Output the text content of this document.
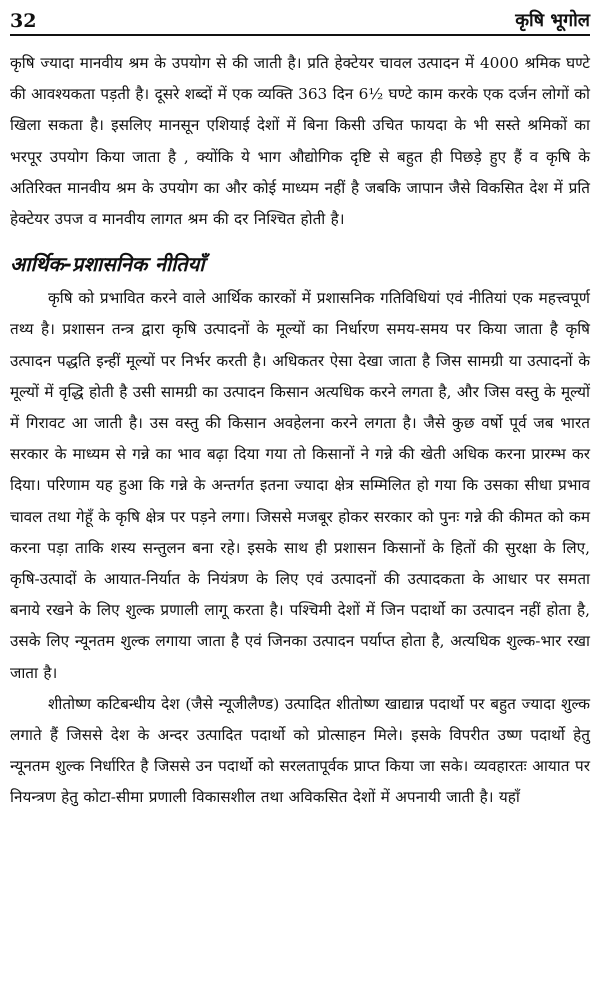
32	कृषि भूगोल

कृषि ज्यादा मानवीय श्रम के उपयोग से की जाती है। प्रति हेक्टेयर चावल उत्पादन में 4000 श्रमिक घण्टे की आवश्यकता पड़ती है। दूसरे शब्दों में एक व्यक्ति 363 दिन 6½ घण्टे काम करके एक दर्जन लोगों को खिला सकता है। इसलिए मानसून एशियाई देशों में बिना किसी उचित फायदा के भी सस्ते श्रमिकों का भरपूर उपयोग किया जाता है , क्योंकि ये भाग औद्योगिक दृष्टि से बहुत ही पिछड़े हुए हैं व कृषि के अतिरिक्त मानवीय श्रम के उपयोग का और कोई माध्यम नहीं है जबकि जापान जैसे विकसित देश में प्रति हेक्टेयर उपज व मानवीय लागत श्रम की दर निश्चित होती है।

आर्थिक-प्रशासनिक नीतियाँ

कृषि को प्रभावित करने वाले आर्थिक कारकों में प्रशासनिक गतिविधियां एवं नीतियां एक महत्त्वपूर्ण तथ्य है। प्रशासन तन्त्र द्वारा कृषि उत्पादनों के मूल्यों का निर्धारण समय-समय पर किया जाता है कृषि उत्पादन पद्धति इन्हीं मूल्यों पर निर्भर करती है। अधिकतर ऐसा देखा जाता है जिस सामग्री या उत्पादनों के मूल्यों में वृद्धि होती है उसी सामग्री का उत्पादन किसान अत्यधिक करने लगता है, और जिस वस्तु के मूल्यों में गिरावट आ जाती है। उस वस्तु की किसान अवहेलना करने लगता है। जैसे कुछ वर्षो पूर्व जब भारत सरकार के माध्यम से गन्ने का भाव बढ़ा दिया गया तो किसानों ने गन्ने की खेती अधिक करना प्रारम्भ कर दिया। परिणाम यह हुआ कि गन्ने के अन्तर्गत इतना ज्यादा क्षेत्र सम्मिलित हो गया कि उसका सीधा प्रभाव चावल तथा गेहूँ के कृषि क्षेत्र पर पड़ने लगा। जिससे मजबूर होकर सरकार को पुनः गन्ने की कीमत को कम करना पड़ा ताकि शस्य सन्तुलन बना रहे। इसके साथ ही प्रशासन किसानों के हितों की सुरक्षा के लिए, कृषि-उत्पादों के आयात-निर्यात के नियंत्रण के लिए एवं उत्पादनों की उत्पादकता के आधार पर समता बनाये रखने के लिए शुल्क प्रणाली लागू करता है। पश्चिमी देशों में जिन पदार्थो का उत्पादन नहीं होता है, उसके लिए न्यूनतम शुल्क लगाया जाता है एवं जिनका उत्पादन पर्याप्त होता है, अत्यधिक शुल्क-भार रखा जाता है।

शीतोष्ण कटिबन्धीय देश (जैसे न्यूजीलैण्ड) उत्पादित शीतोष्ण खाद्यान्न पदार्थो पर बहुत ज्यादा शुल्क लगाते हैं जिससे देश के अन्दर उत्पादित पदार्थो को प्रोत्साहन मिले। इसके विपरीत उष्ण पदार्थो हेतु न्यूनतम शुल्क निर्धारित है जिससे उन पदार्थो को सरलतापूर्वक प्राप्त किया जा सके। व्यवहारतः आयात पर नियन्त्रण हेतु कोटा-सीमा प्रणाली विकासशील तथा अविकसित देशों में अपनायी जाती है। यहाँ
